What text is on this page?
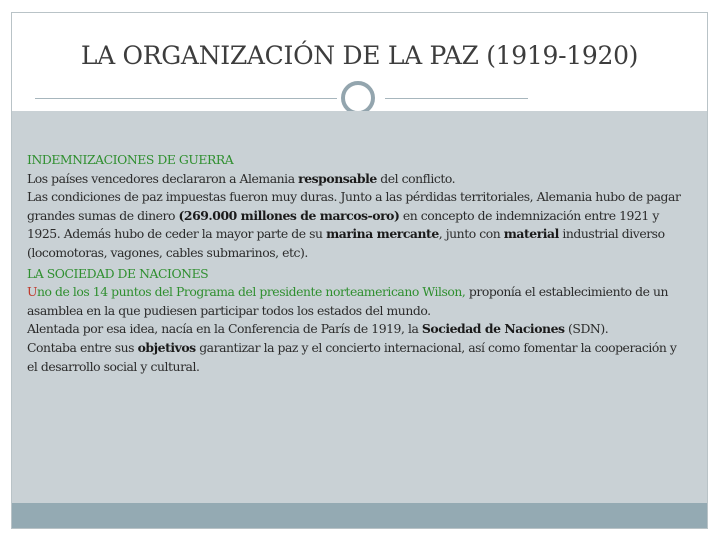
LA ORGANIZACIÓN DE LA PAZ (1919-1920)

INDEMNIZACIONES DE GUERRA

Los países vencedores declararon a Alemania responsable del conflicto.

Las condiciones de paz impuestas fueron muy duras. Junto a las pérdidas territoriales, Alemania hubo de pagar grandes sumas de dinero (269.000 millones de marcos-oro) en concepto de indemnización entre 1921 y 1925. Además hubo de ceder la mayor parte de su marina mercante, junto con material industrial diverso (locomotoras, vagones, cables submarinos, etc).

LA SOCIEDAD DE NACIONES

Uno de los 14 puntos del Programa del presidente norteamericano Wilson, proponía el establecimiento de un asamblea en la que pudiesen participar todos los estados del mundo.

Alentada por esa idea, nacía en la Conferencia de París de 1919, la Sociedad de Naciones (SDN).

Contaba entre sus objetivos garantizar la paz y el concierto internacional, así como fomentar la cooperación y el desarrollo social y cultural.
